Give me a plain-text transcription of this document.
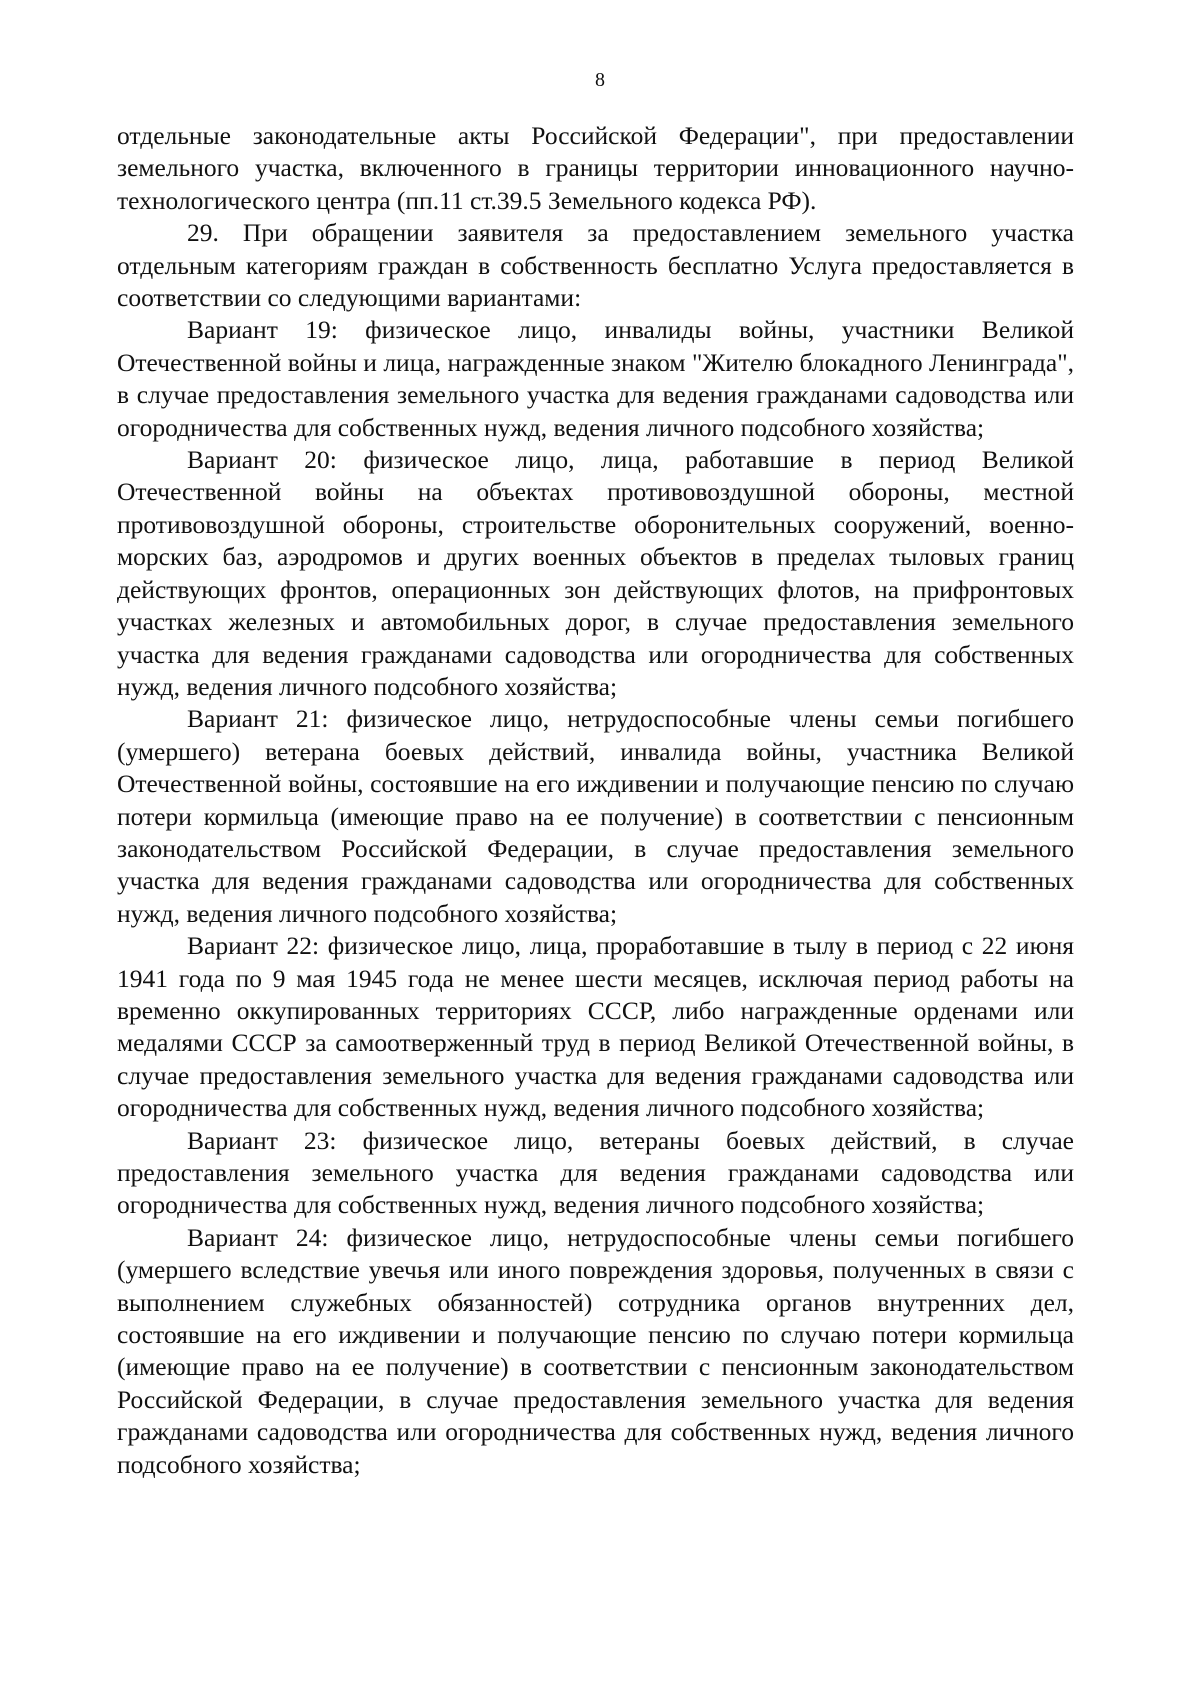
8

отдельные законодательные акты Российской Федерации", при предоставлении земельного участка, включенного в границы территории инновационного научно-технологического центра (пп.11 ст.39.5 Земельного кодекса РФ).

29. При обращении заявителя за предоставлением земельного участка отдельным категориям граждан в собственность бесплатно Услуга предоставляется в соответствии со следующими вариантами:

Вариант 19: физическое лицо, инвалиды войны, участники Великой Отечественной войны и лица, награжденные знаком "Жителю блокадного Ленинграда", в случае предоставления земельного участка для ведения гражданами садоводства или огородничества для собственных нужд, ведения личного подсобного хозяйства;

Вариант 20: физическое лицо, лица, работавшие в период Великой Отечественной войны на объектах противовоздушной обороны, местной противовоздушной обороны, строительстве оборонительных сооружений, военно-морских баз, аэродромов и других военных объектов в пределах тыловых границ действующих фронтов, операционных зон действующих флотов, на прифронтовых участках железных и автомобильных дорог, в случае предоставления земельного участка для ведения гражданами садоводства или огородничества для собственных нужд, ведения личного подсобного хозяйства;

Вариант 21: физическое лицо, нетрудоспособные члены семьи погибшего (умершего) ветерана боевых действий, инвалида войны, участника Великой Отечественной войны, состоявшие на его иждивении и получающие пенсию по случаю потери кормильца (имеющие право на ее получение) в соответствии с пенсионным законодательством Российской Федерации, в случае предоставления земельного участка для ведения гражданами садоводства или огородничества для собственных нужд, ведения личного подсобного хозяйства;

Вариант 22: физическое лицо, лица, проработавшие в тылу в период с 22 июня 1941 года по 9 мая 1945 года не менее шести месяцев, исключая период работы на временно оккупированных территориях СССР, либо награжденные орденами или медалями СССР за самоотверженный труд в период Великой Отечественной войны, в случае предоставления земельного участка для ведения гражданами садоводства или огородничества для собственных нужд, ведения личного подсобного хозяйства;

Вариант 23: физическое лицо, ветераны боевых действий, в случае предоставления земельного участка для ведения гражданами садоводства или огородничества для собственных нужд, ведения личного подсобного хозяйства;

Вариант 24: физическое лицо, нетрудоспособные члены семьи погибшего (умершего вследствие увечья или иного повреждения здоровья, полученных в связи с выполнением служебных обязанностей) сотрудника органов внутренних дел, состоявшие на его иждивении и получающие пенсию по случаю потери кормильца (имеющие право на ее получение) в соответствии с пенсионным законодательством Российской Федерации, в случае предоставления земельного участка для ведения гражданами садоводства или огородничества для собственных нужд, ведения личного подсобного хозяйства;
